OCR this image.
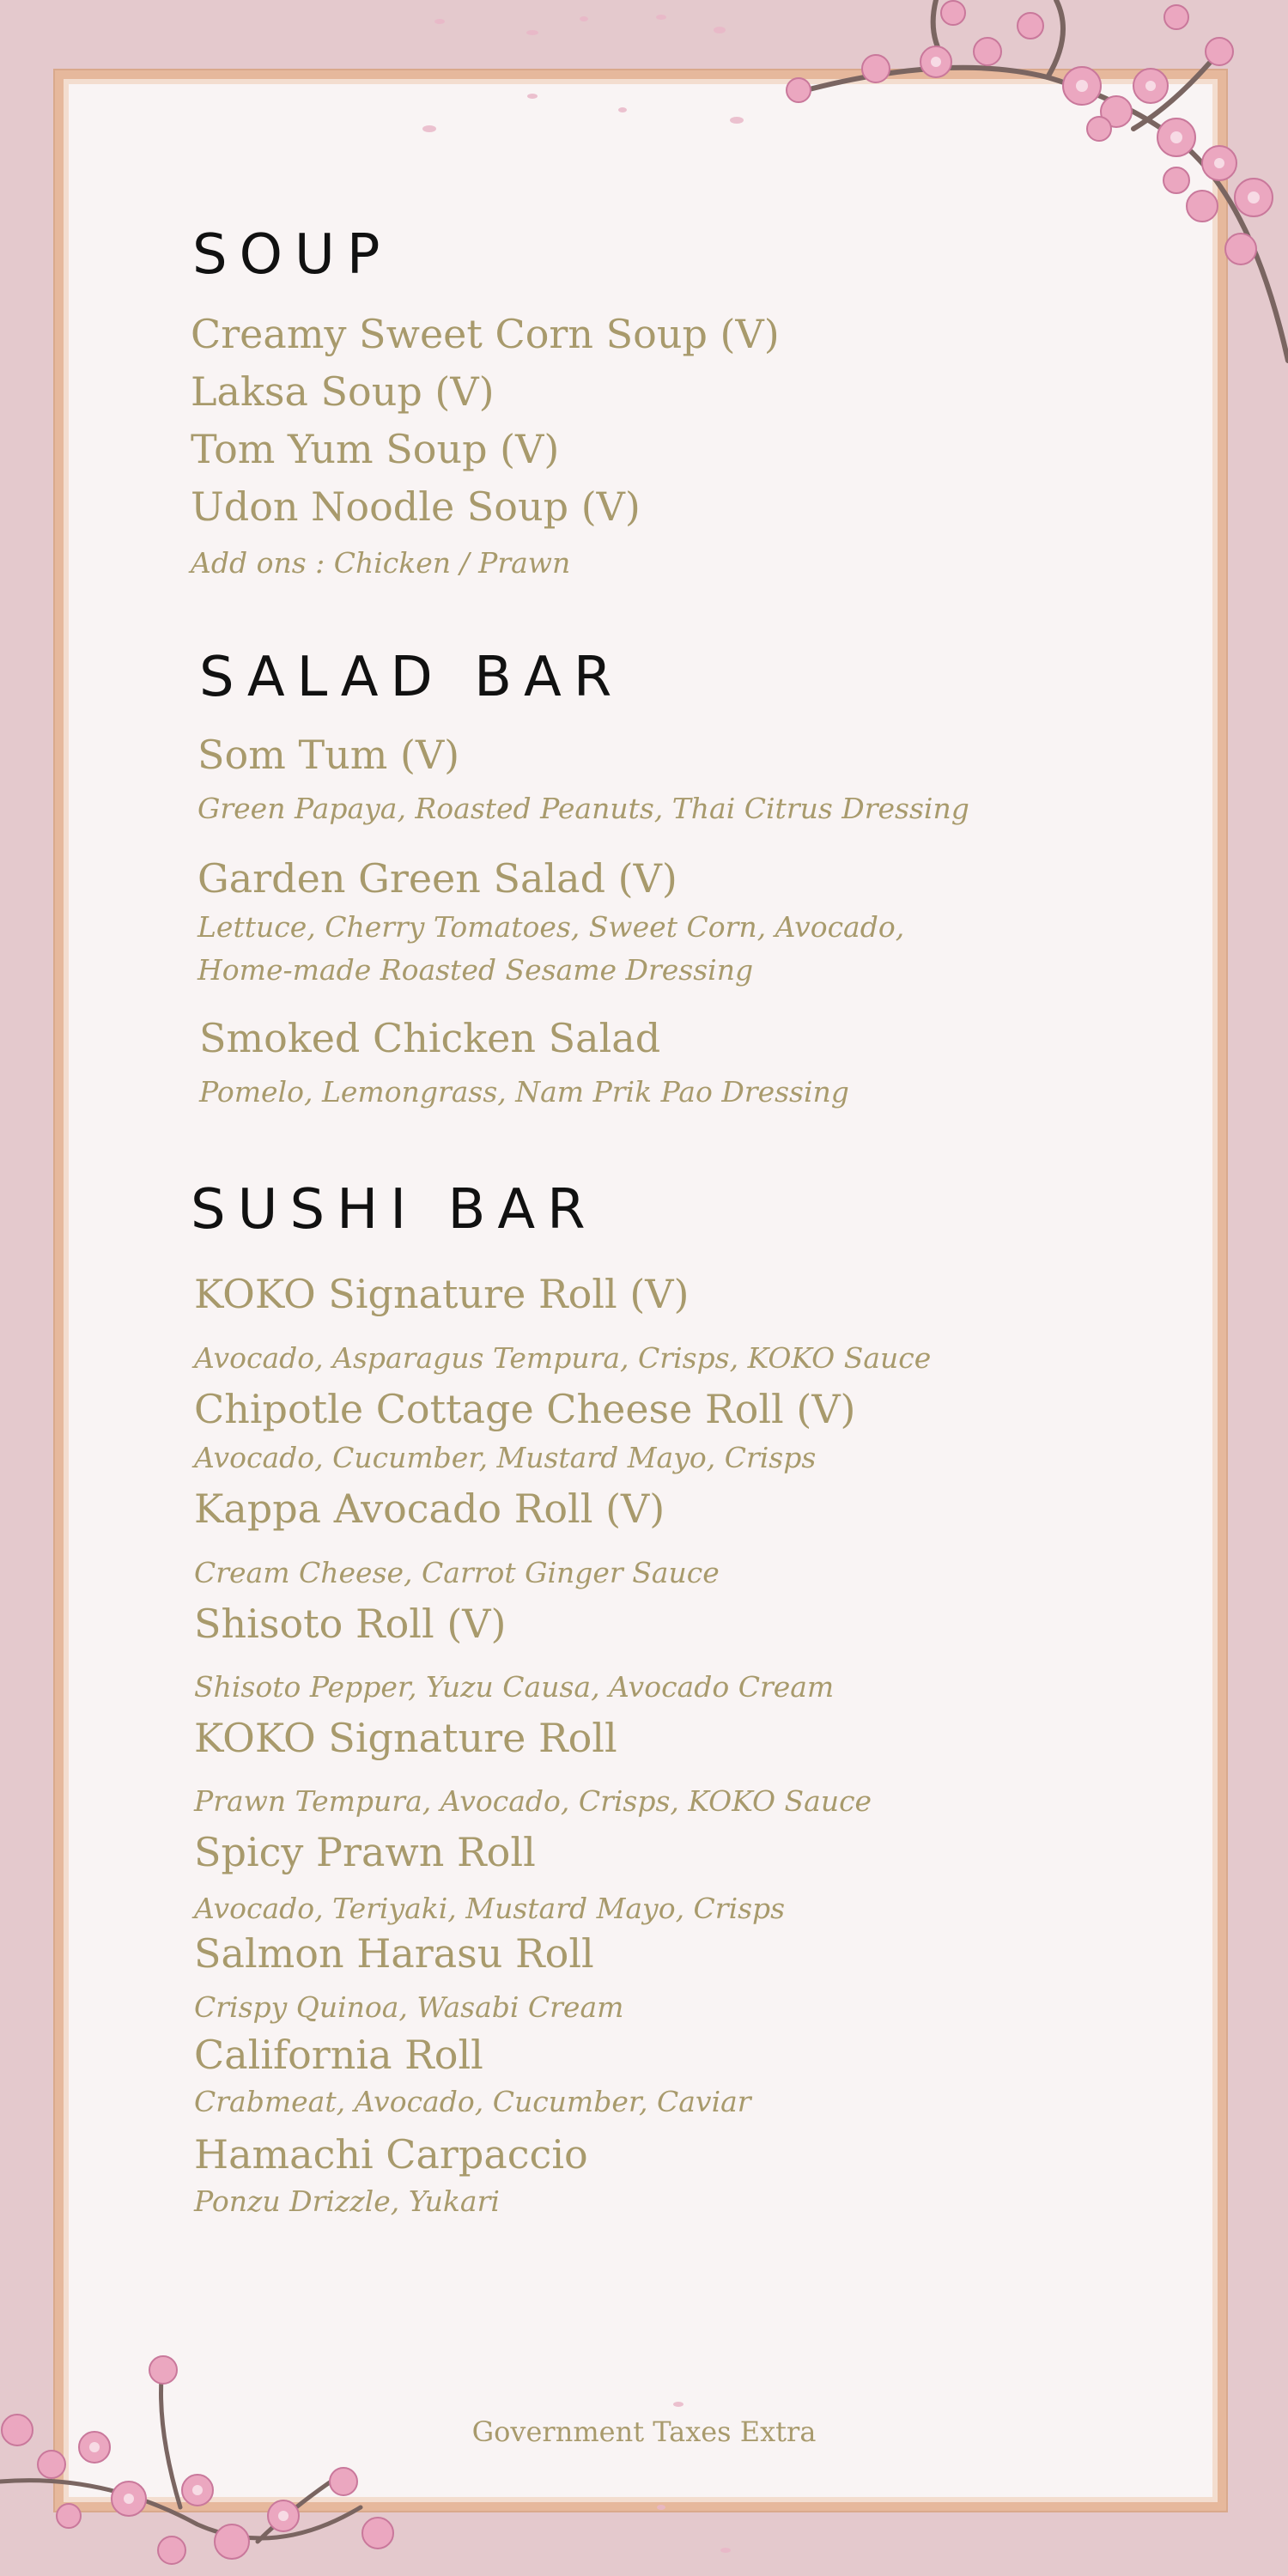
SOUP

Creamy Sweet Corn Soup (V)

Laksa Soup (V)

Tom Yum Soup (V)

Udon Noodle Soup (V)

Add ons : Chicken / Prawn

SALAD BAR

Som Tum (V)

Green Papaya, Roasted Peanuts, Thai Citrus Dressing

Garden Green Salad (V)

Lettuce, Cherry Tomatoes, Sweet Corn, Avocado,

Home-made Roasted Sesame Dressing

Smoked Chicken Salad

Pomelo, Lemongrass, Nam Prik Pao Dressing

SUSHI BAR

KOKO Signature Roll (V)

Avocado, Asparagus Tempura, Crisps, KOKO Sauce

Chipotle Cottage Cheese Roll (V)

Avocado, Cucumber, Mustard Mayo, Crisps

Kappa Avocado Roll (V)

Cream Cheese, Carrot Ginger Sauce

Shisoto Roll (V)

Shisoto Pepper, Yuzu Causa, Avocado Cream

KOKO Signature Roll

Prawn Tempura, Avocado, Crisps, KOKO Sauce

Spicy Prawn Roll

Avocado, Teriyaki, Mustard Mayo, Crisps

Salmon Harasu Roll

Crispy Quinoa, Wasabi Cream

California Roll

Crabmeat, Avocado, Cucumber, Caviar

Hamachi Carpaccio

Ponzu Drizzle, Yukari

Government Taxes Extra
